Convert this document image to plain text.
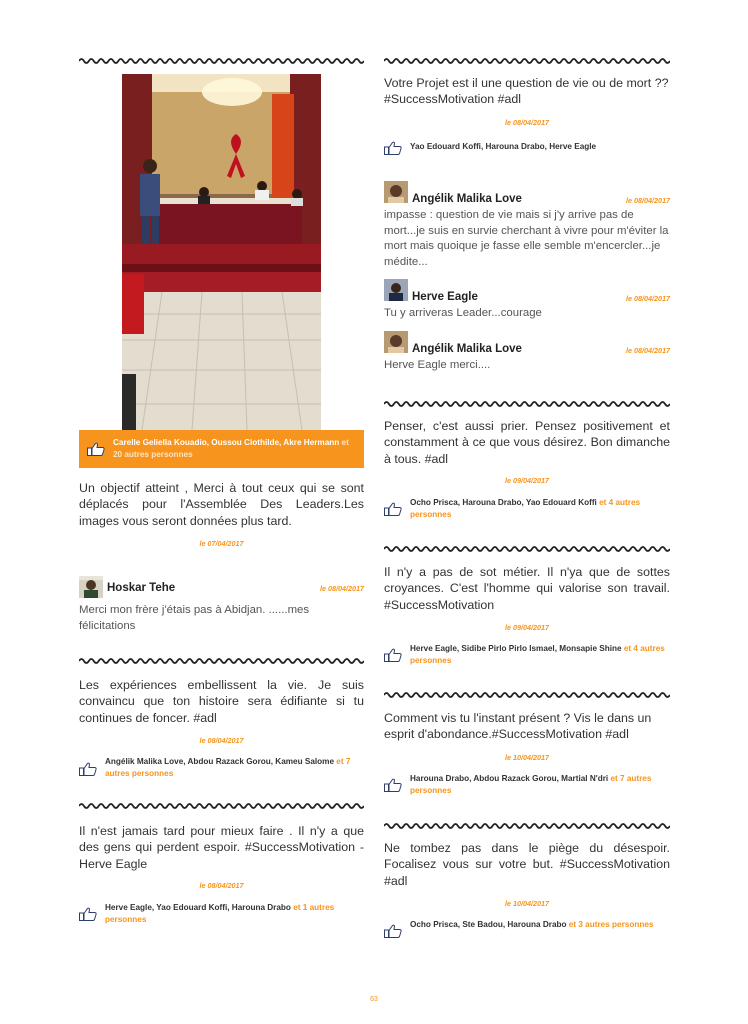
Carelle Geliella Kouadio, Oussou Clothilde, Akre Hermann et 20 autres personnes

Un objectif atteint , Merci à tout ceux qui se sont déplacés pour l'Assemblée Des Leaders.Les images vous seront données plus tard.

le 07/04/2017
Hoskar Tehe	le 08/04/2017
Merci mon frère j'étais pas à Abidjan. ......mes félicitations

Les expériences embellissent la vie. Je suis convaincu que ton histoire sera édifiante si tu continues de foncer. #adl

le 08/04/2017
Angélik Malika Love, Abdou Razack Gorou, Kameu Salome et 7 autres personnes

Il n'est jamais tard pour mieux faire . Il n'y a que des gens qui perdent espoir. #SuccessMotivation -Herve Eagle

le 08/04/2017
Herve Eagle, Yao Edouard Koffi, Harouna Drabo et 1 autres personnes

Votre Projet est il une question de vie ou de mort ?? #SuccessMotivation #adl

le 08/04/2017
Yao Edouard Koffi, Harouna Drabo, Herve Eagle
Angélik Malika Love	le 08/04/2017
impasse : question de vie mais si j'y arrive pas de mort...je suis en survie cherchant à vivre pour m'éviter la mort mais quoique je fasse elle semble m'encercler...je médite...
Herve Eagle	le 08/04/2017
Tu y arriveras Leader...courage
Angélik Malika Love	le 08/04/2017
Herve Eagle merci....

Penser, c'est aussi prier. Pensez positivement et constamment à ce que vous désirez. Bon dimanche à tous. #adl

le 09/04/2017
Ocho Prisca, Harouna Drabo, Yao Edouard Koffi et 4 autres personnes

Il n'y a pas de sot métier. Il n'ya que de sottes croyances. C'est l'homme qui valorise son travail. #SuccessMotivation

le 09/04/2017
Herve Eagle, Sidibe Pirlo Pirlo Ismael, Monsapie Shine et 4 autres personnes

Comment vis tu l'instant présent ? Vis le dans un esprit d'abondance.#SuccessMotivation #adl

le 10/04/2017
Harouna Drabo, Abdou Razack Gorou, Martial N'dri et 7 autres personnes

Ne tombez pas dans le piège du désespoir. Focalisez vous sur votre but. #SuccessMotivation #adl

le 10/04/2017
Ocho Prisca, Ste Badou, Harouna Drabo et 3 autres personnes
63
